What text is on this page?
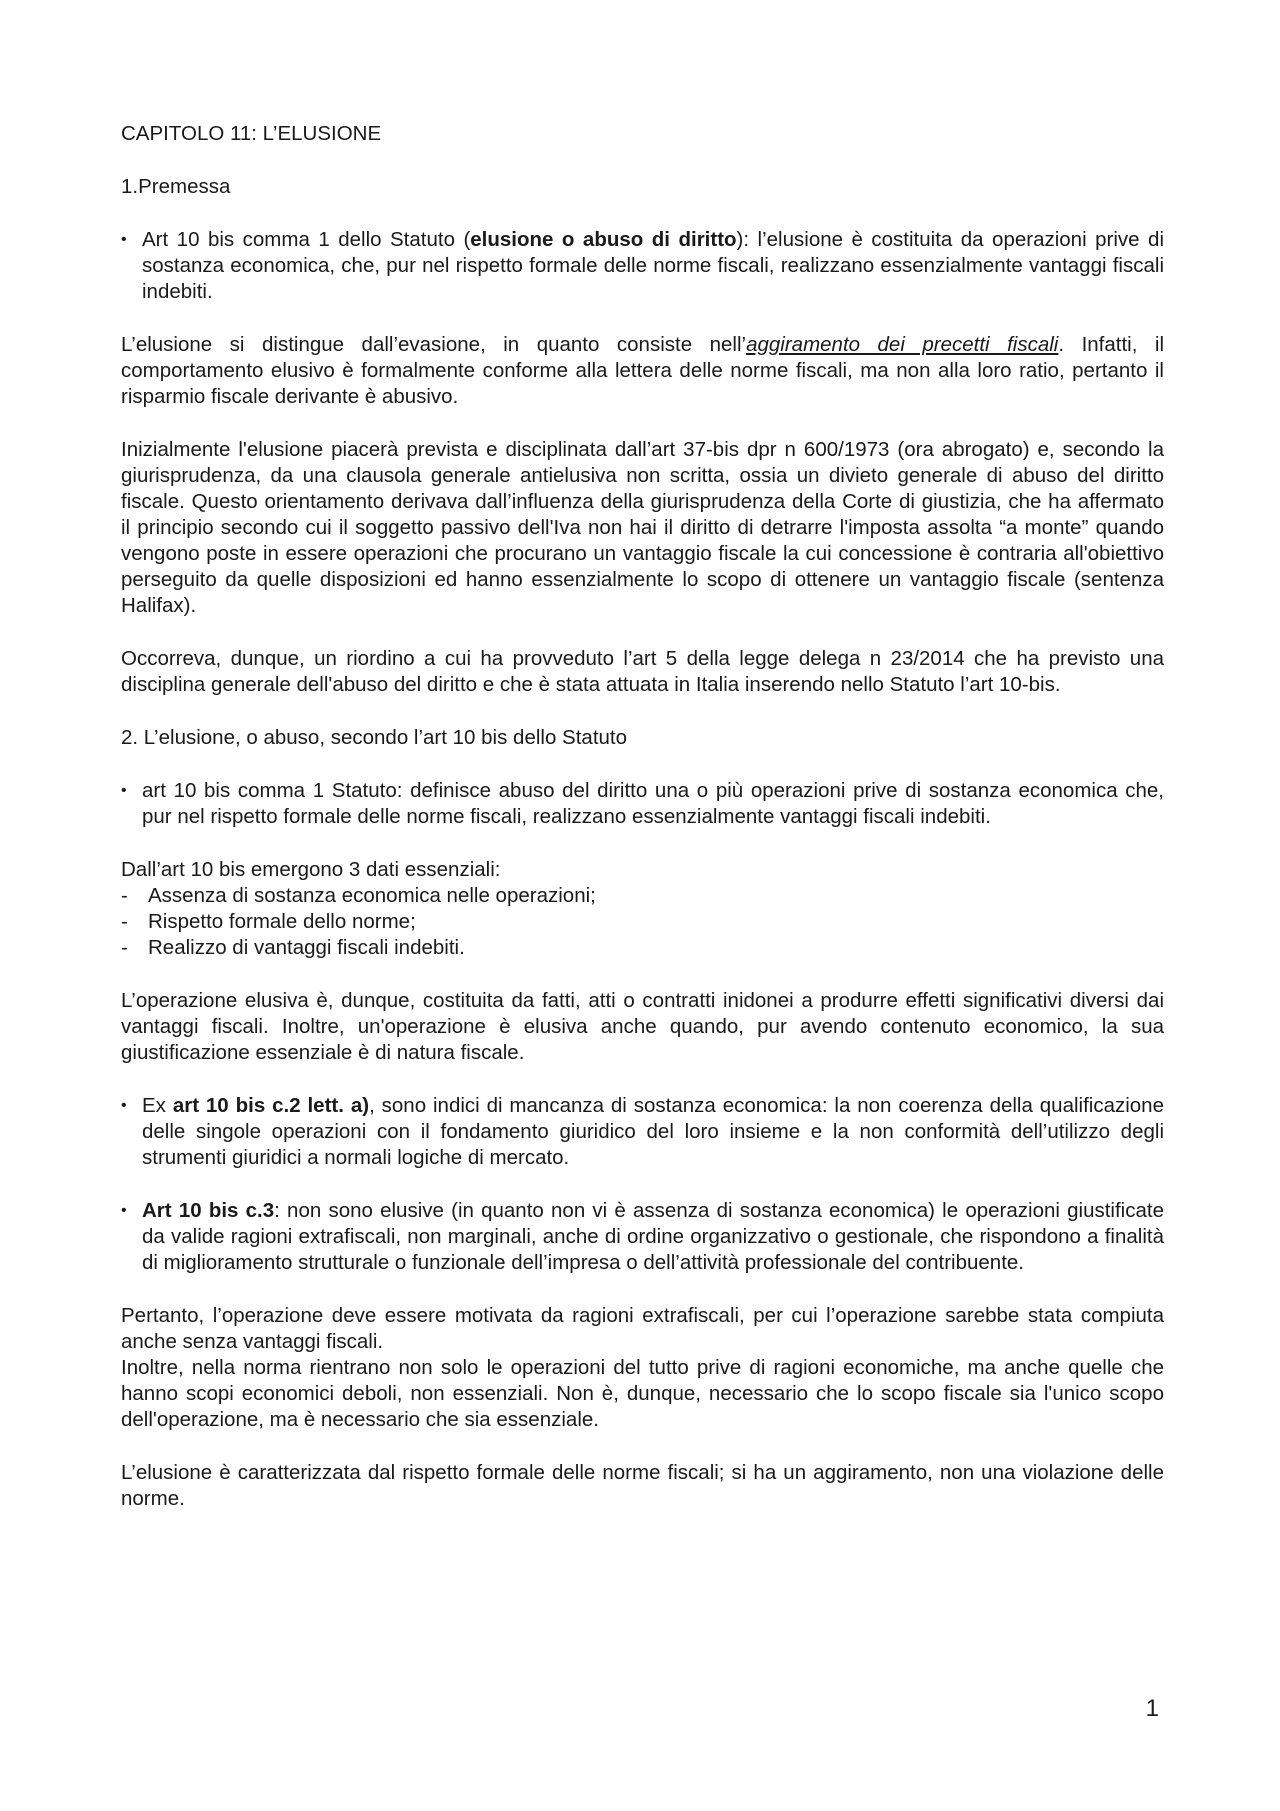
CAPITOLO 11: L’ELUSIONE
1.Premessa
• Art 10 bis comma 1 dello Statuto (elusione o abuso di diritto): l’elusione è costituita da operazioni prive di sostanza economica, che, pur nel rispetto formale delle norme fiscali, realizzano essenzialmente vantaggi fiscali indebiti.
L’elusione si distingue dall’evasione, in quanto consiste nell’aggiramento dei precetti fiscali. Infatti, il comportamento elusivo è formalmente conforme alla lettera delle norme fiscali, ma non alla loro ratio, pertanto il risparmio fiscale derivante è abusivo.
Inizialmente l'elusione piacerà prevista e disciplinata dall’art 37-bis dpr n 600/1973 (ora abrogato) e, secondo la giurisprudenza, da una clausola generale antielusiva non scritta, ossia un divieto generale di abuso del diritto fiscale. Questo orientamento derivava dall’influenza della giurisprudenza della Corte di giustizia, che ha affermato il principio secondo cui il soggetto passivo dell'Iva non hai il diritto di detrarre l'imposta assolta “a monte” quando vengono poste in essere operazioni che procurano un vantaggio fiscale la cui concessione è contraria all'obiettivo perseguito da quelle disposizioni ed hanno essenzialmente lo scopo di ottenere un vantaggio fiscale (sentenza Halifax).
Occorreva, dunque, un riordino a cui ha provveduto l’art 5 della legge delega n 23/2014 che ha previsto una disciplina generale dell'abuso del diritto e che è stata attuata in Italia inserendo nello Statuto l’art 10-bis.
2. L’elusione, o abuso, secondo l’art 10 bis dello Statuto
• art 10 bis comma 1 Statuto: definisce abuso del diritto una o più operazioni prive di sostanza economica che, pur nel rispetto formale delle norme fiscali, realizzano essenzialmente vantaggi fiscali indebiti.
Dall’art 10 bis emergono 3 dati essenziali:
- Assenza di sostanza economica nelle operazioni;
- Rispetto formale dello norme;
- Realizzo di vantaggi fiscali indebiti.
L’operazione elusiva è, dunque, costituita da fatti, atti o contratti inidonei a produrre effetti significativi diversi dai vantaggi fiscali. Inoltre, un'operazione è elusiva anche quando, pur avendo contenuto economico, la sua giustificazione essenziale è di natura fiscale.
• Ex art 10 bis c.2 lett. a), sono indici di mancanza di sostanza economica: la non coerenza della qualificazione delle singole operazioni con il fondamento giuridico del loro insieme e la non conformità dell’utilizzo degli strumenti giuridici a normali logiche di mercato.
• Art 10 bis c.3: non sono elusive (in quanto non vi è assenza di sostanza economica) le operazioni giustificate da valide ragioni extrafiscali, non marginali, anche di ordine organizzativo o gestionale, che rispondono a finalità di miglioramento strutturale o funzionale dell’impresa o dell’attività professionale del contribuente.
Pertanto, l’operazione deve essere motivata da ragioni extrafiscali, per cui l’operazione sarebbe stata compiuta anche senza vantaggi fiscali.
Inoltre, nella norma rientrano non solo le operazioni del tutto prive di ragioni economiche, ma anche quelle che hanno scopi economici deboli, non essenziali. Non è, dunque, necessario che lo scopo fiscale sia l'unico scopo dell'operazione, ma è necessario che sia essenziale.
L’elusione è caratterizzata dal rispetto formale delle norme fiscali; si ha un aggiramento, non una violazione delle norme.
1
